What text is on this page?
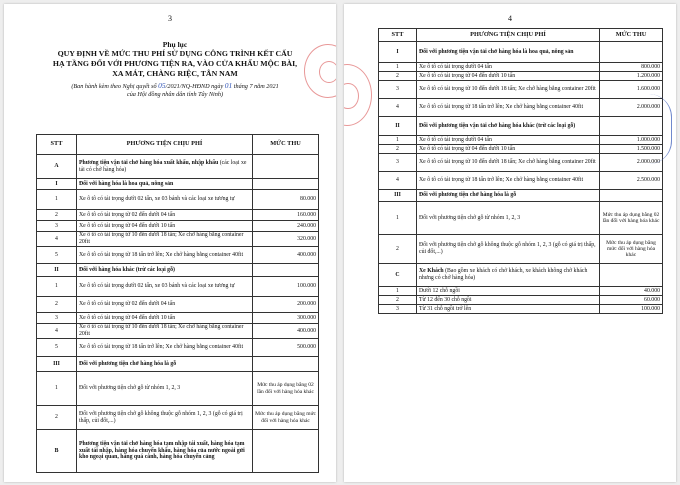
3
Phụ lục
QUY ĐỊNH VỀ MỨC THU PHÍ SỬ DỤNG CÔNG TRÌNH KẾT CẤU
HẠ TẦNG ĐỐI VỚI PHƯƠNG TIỆN RA, VÀO CỬA KHẨU MỘC BÀI,
XA MÁT, CHÀNG RIỆC, TÂN NAM
(Ban hành kèm theo Nghị quyết số 05/2021/NQ-HĐND ngày 01 tháng 7 năm 2021
của Hội đồng nhân dân tỉnh Tây Ninh)
STT	PHƯƠNG TIỆN CHỊU PHÍ	MỨC THU
A	Phương tiện vận tải chở hàng hóa xuất khẩu, nhập khẩu (các loại xe tải có chở hàng hóa)	
I	Đối với hàng hóa là hoa quả, nông sản	
1	Xe ô tô có tải trọng dưới 02 tấn, xe 03 bánh và các loại xe tương tự	80.000
2	Xe ô tô có tải trọng từ 02 đến dưới 04 tấn	160.000
3	Xe ô tô có tải trọng từ 04 đến dưới 10 tấn	240.000
4	Xe ô tô có tải trọng từ 10 đến dưới 18 tấn; Xe chở hàng bằng container 20fit	320.000
5	Xe ô tô có tải trọng từ 18 tấn trở lên; Xe chở hàng bằng container 40fit	400.000
II	Đối với hàng hóa khác (trừ các loại gỗ)	
1	Xe ô tô có tải trọng dưới 02 tấn, xe 03 bánh và các loại xe tương tự	100.000
2	Xe ô tô có tải trọng từ 02 đến dưới 04 tấn	200.000
3	Xe ô tô có tải trọng từ 04 đến dưới 10 tấn	300.000
4	Xe ô tô có tải trọng từ 10 đến dưới 18 tấn; Xe chở hàng bằng container 20fit	400.000
5	Xe ô tô có tải trọng từ 18 tấn trở lên; Xe chở hàng bằng container 40fit	500.000
III	Đối với phương tiện chở hàng hóa là gỗ	
1	Đối với phương tiện chở gỗ từ nhóm 1, 2, 3	Mức thu áp dụng bằng 02 lần đối với hàng hóa khác
2	Đối với phương tiện chở gỗ không thuộc gỗ nhóm 1, 2, 3 (gỗ có giá trị thấp, củi đốt,...)	Mức thu áp dụng bằng mức đối với hàng hóa khác
B	Phương tiện vận tải chở hàng hóa tạm nhập tái xuất, hàng hóa tạm xuất tái nhập, hàng hóa chuyển khẩu, hàng hóa của nước ngoài gửi kho ngoại quan, hàng quá cảnh, hàng hóa chuyển cảng	
4
STT	PHƯƠNG TIỆN CHỊU PHÍ	MỨC THU
I	Đối với phương tiện vận tải chở hàng hóa là hoa quả, nông sản	
1	Xe ô tô có tải trọng dưới 04 tấn	800.000
2	Xe ô tô có tải trọng từ 04 đến dưới 10 tấn	1.200.000
3	Xe ô tô có tải trọng từ 10 đến dưới 18 tấn; Xe chở hàng bằng container 20fit	1.600.000
4	Xe ô tô có tải trọng từ 18 tấn trở lên; Xe chở hàng bằng container 40fit	2.000.000
II	Đối với phương tiện vận tải chở hàng hóa khác (trừ các loại gỗ)	
1	Xe ô tô có tải trọng dưới 04 tấn	1.000.000
2	Xe ô tô có tải trọng từ 04 đến dưới 10 tấn	1.500.000
3	Xe ô tô có tải trọng từ 10 đến dưới 18 tấn; Xe chở hàng bằng container 20fit	2.000.000
4	Xe ô tô có tải trọng từ 18 tấn trở lên; Xe chở hàng bằng container 40fit	2.500.000
III	Đối với phương tiện chở hàng hóa là gỗ	
1	Đối với phương tiện chở gỗ từ nhóm 1, 2, 3	Mức thu áp dụng bằng 02 lần đối với hàng hóa khác
2	Đối với phương tiện chở gỗ không thuộc gỗ nhóm 1, 2, 3 (gỗ có giá trị thấp, củi đốt,...)	Mức thu áp dụng bằng mức đối với hàng hóa khác
C	Xe Khách (Bao gồm xe khách có chở khách, xe khách không chở khách nhưng có chở hàng hóa)	
1	Dưới 12 chỗ ngồi	40.000
2	Từ 12 đến 30 chỗ ngồi	60.000
3	Từ 31 chỗ ngồi trở lên	100.000
